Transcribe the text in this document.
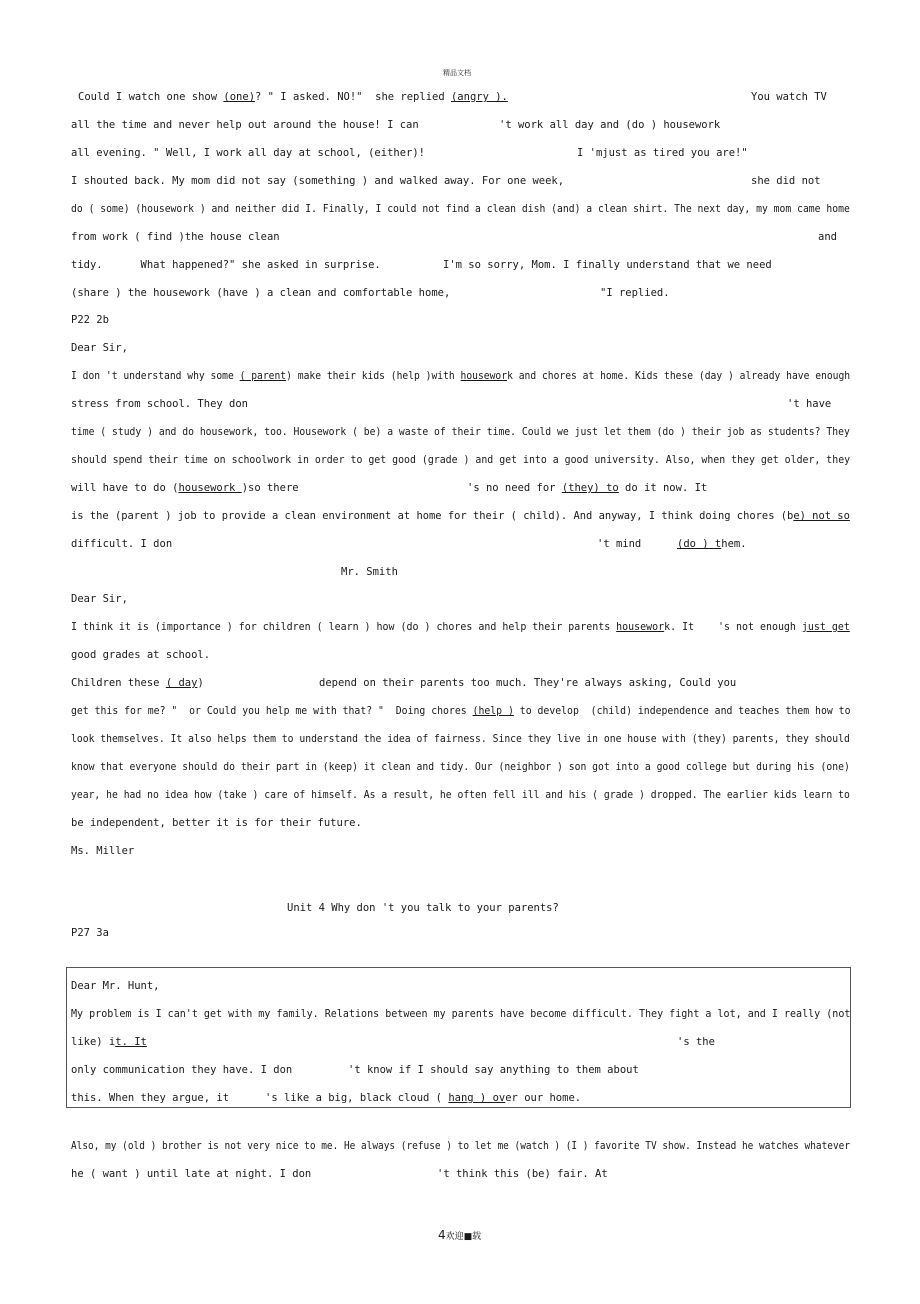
精品文档
Could I watch one show (one)? " I asked. NO!"  she replied (angry ).	You watch TV
all the time and never help out around the house! I can	't work all day and (do ) housework
all evening. " Well, I work all day at school, (either)!	I 'mjust as tired you are!"
I shouted back. My mom did not say (something ) and walked away. For one week,	she did not
do ( some) (housework ) and neither did I. Finally, I could not find a clean dish (and) a clean shirt. The next day, my mom came home
from work ( find )the house clean	and
tidy.      What happened?" she asked in surprise.	I'm so sorry, Mom. I finally understand that we need
(share ) the housework (have ) a clean and comfortable home,	"I replied.
P22 2b
Dear Sir,
I don 't understand why some ( parent) make their kids (help )with housework and chores at home. Kids these (day ) already have enough
stress from school. They don	't have
time ( study ) and do housework, too. Housework ( be) a waste of their time. Could we just let them (do ) their job as students? They
should spend their time on schoolwork in order to get good (grade ) and get into a good university. Also, when they get older, they
will have to do (housework )so there	's no need for (they) to do it now. It
is the (parent ) job to provide a clean environment at home for their ( child). And anyway, I think doing chores (be) not so
difficult. I don	't mind	(do ) them.
Mr. Smith
Dear Sir,
I think it is (importance ) for children ( learn ) how (do ) chores and help their parents housework. It    's not enough just get
good grades at school.
Children these ( day)	depend on their parents too much. They're always asking, Could you
get this for me? "  or Could you help me with that? "  Doing chores (help ) to develop  (child) independence and teaches them how to
look themselves. It also helps them to understand the idea of fairness. Since they live in one house with (they) parents, they should
know that everyone should do their part in (keep) it clean and tidy. Our (neighbor ) son got into a good college but during his (one)
year, he had no idea how (take ) care of himself. As a result, he often fell ill and his ( grade ) dropped. The earlier kids learn to
be independent, better it is for their future.
Ms. Miller
Unit 4 Why don 't you talk to your parents?
P27 3a
Dear Mr. Hunt,
My problem is I can't get with my family. Relations between my parents have become difficult. They fight a lot, and I really (not
like) it. It	's the
only communication they have. I don	't know if I should say anything to them about
this. When they argue, it	's like a big, black cloud ( hang ) over our home.
Also, my (old ) brother is not very nice to me. He always (refuse ) to let me (watch ) (I ) favorite TV show. Instead he watches whatever
he ( want ) until late at night. I don	't think this (be) fair. At
4欢迎■载
